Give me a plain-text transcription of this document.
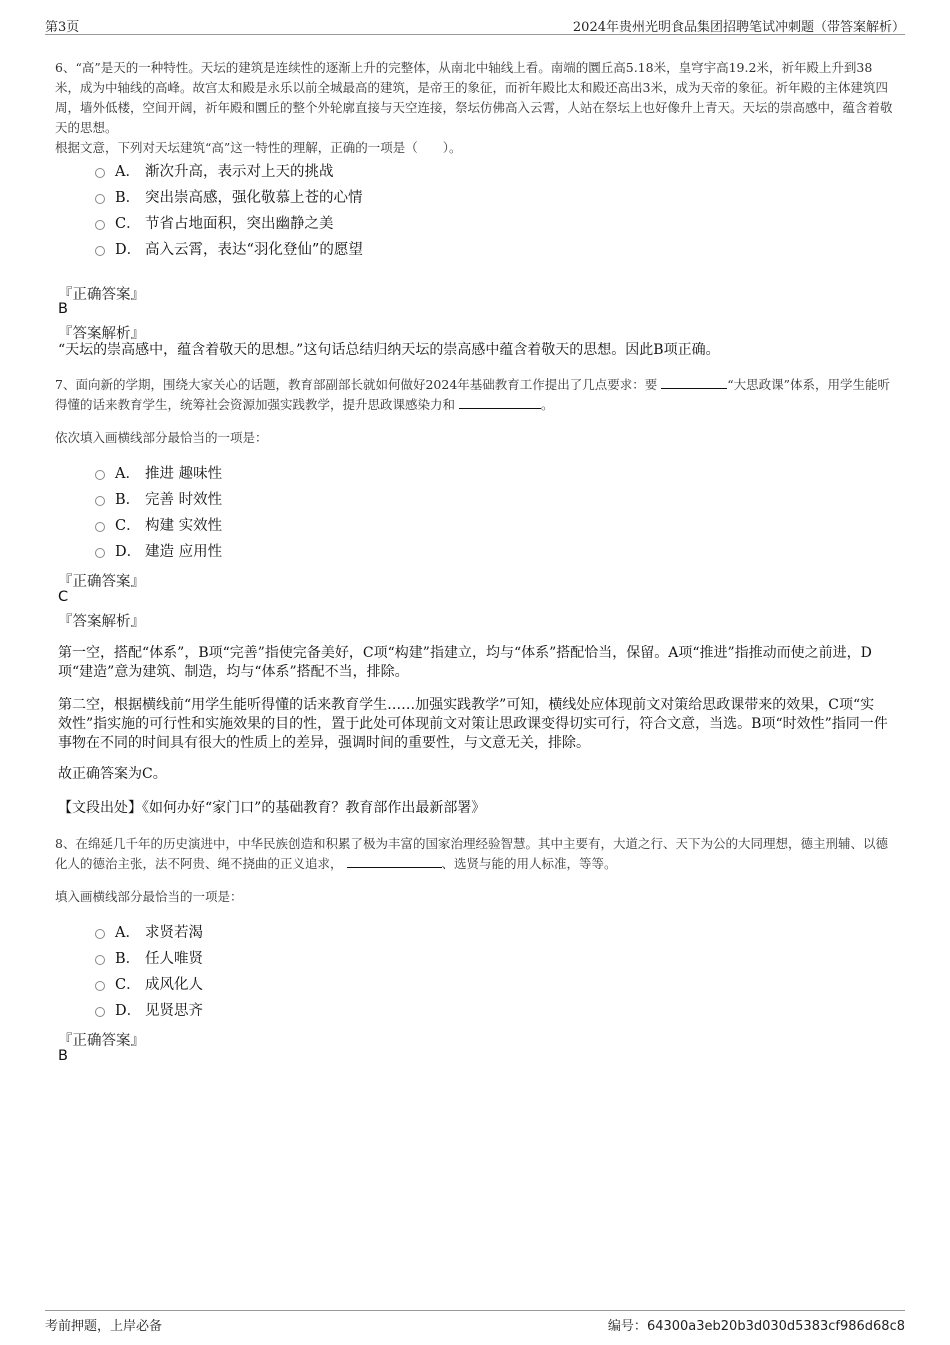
第3页	2024年贵州光明食品集团招聘笔试冲刺题（带答案解析）

6、“高”是天的一种特性。天坛的建筑是连续性的逐渐上升的完整体，从南北中轴线上看。南端的圜丘高5.18米，皇穹宇高19.2米，祈年殿上升到38米，成为中轴线的高峰。故宫太和殿是永乐以前全城最高的建筑，是帝王的象征，而祈年殿比太和殿还高出3米，成为天帝的象征。祈年殿的主体建筑四周，墙外低楼，空间开阔，祈年殿和圜丘的整个外轮廓直接与天空连接，祭坛仿佛高入云霄，人站在祭坛上也好像升上青天。天坛的崇高感中，蕴含着敬天的思想。

根据文意，下列对天坛建筑“高”这一特性的理解，正确的一项是（　　）。

A． 渐次升高，表示对上天的挑战
B． 突出崇高感，强化敬慕上苍的心情
C． 节省占地面积，突出幽静之美
D． 高入云霄，表达“羽化登仙”的愿望
『正确答案』
B
『答案解析』

“天坛的崇高感中，蕴含着敬天的思想。”这句话总结归纳天坛的崇高感中蕴含着敬天的思想。因此B项正确。

7、面向新的学期，围绕大家关心的话题，教育部副部长就如何做好2024年基础教育工作提出了几点要求：要	“大思政课”体系，用学生能听得懂的话来教育学生，统筹社会资源加强实践教学，提升思政课感染力和	。

依次填入画横线部分最恰当的一项是：

A． 推进 趣味性
B． 完善 时效性
C． 构建 实效性
D． 建造 应用性
『正确答案』
C
『答案解析』

第一空，搭配“体系”，B项“完善”指使完备美好，C项“构建”指建立，均与“体系”搭配恰当，保留。A项“推进”指推动而使之前进，D项“建造”意为建筑、制造，均与“体系”搭配不当，排除。

第二空，根据横线前“用学生能听得懂的话来教育学生……加强实践教学”可知，横线处应体现前文对策给思政课带来的效果，C项“实效性”指实施的可行性和实施效果的目的性，置于此处可体现前文对策让思政课变得切实可行，符合文意，当选。B项“时效性”指同一件事物在不同的时间具有很大的性质上的差异，强调时间的重要性，与文意无关，排除。

故正确答案为C。

【文段出处】《如何办好“家门口”的基础教育？教育部作出最新部署》

8、在绵延几千年的历史演进中，中华民族创造和积累了极为丰富的国家治理经验智慧。其中主要有，大道之行、天下为公的大同理想，德主刑辅、以德化人的德治主张，法不阿贵、绳不挠曲的正义追求，	、选贤与能的用人标准，等等。

填入画横线部分最恰当的一项是：

A． 求贤若渴
B． 任人唯贤
C． 成风化人
D． 见贤思齐
『正确答案』
B
考前押题，上岸必备	编号：64300a3eb20b3d030d5383cf986d68c8
